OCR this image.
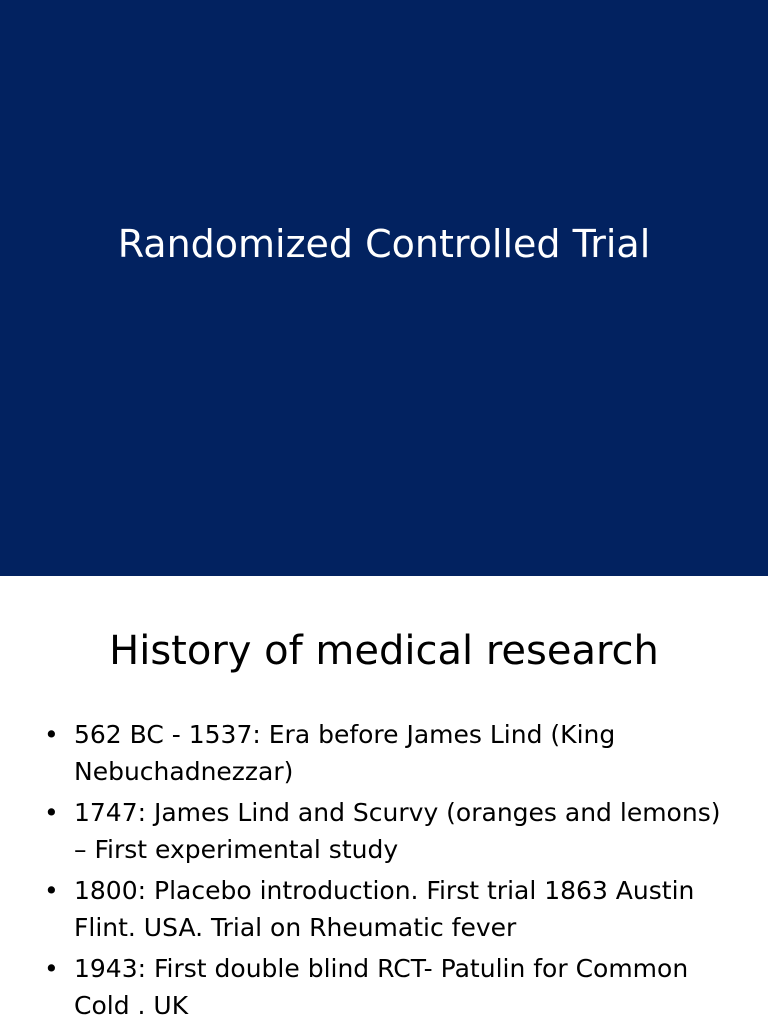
Randomized Controlled Trial
History of medical research
• 562 BC - 1537: Era before James Lind (King Nebuchadnezzar)
• 1747: James Lind and Scurvy (oranges and lemons) – First experimental study
• 1800: Placebo introduction. First trial 1863 Austin Flint. USA. Trial on Rheumatic fever
• 1943: First double blind RCT- Patulin for Common Cold . UK
